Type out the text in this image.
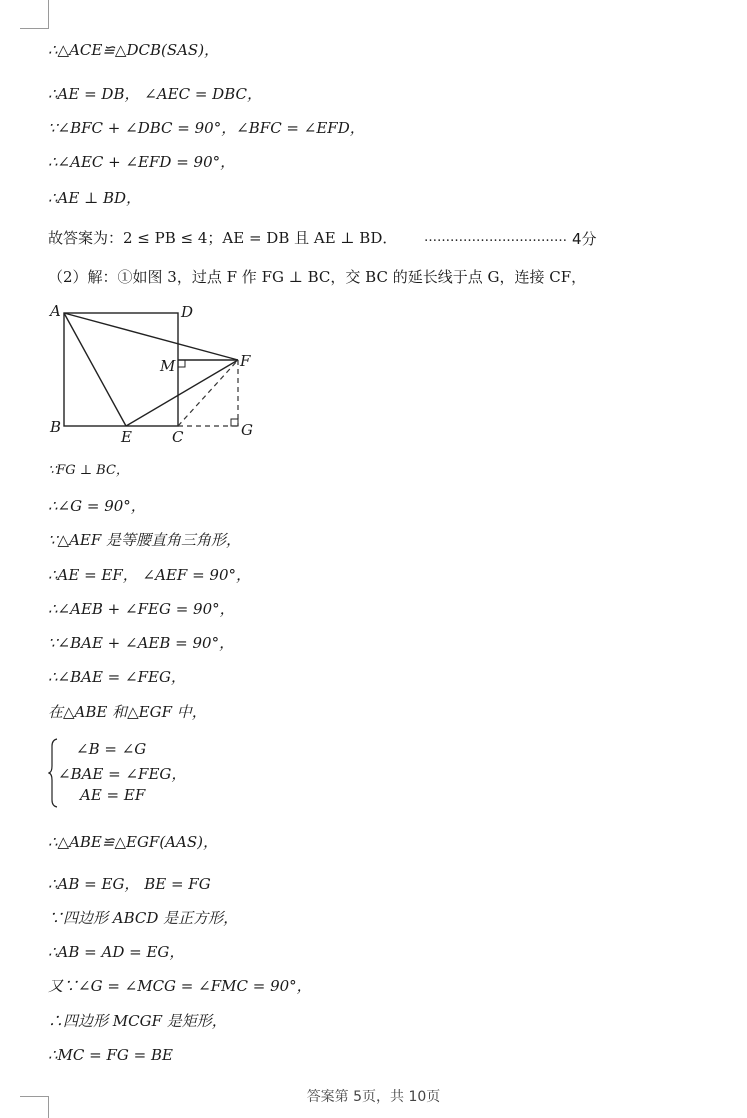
∴△ACE≌△DCB(SAS)，
∴AE = DB， ∠AEC = DBC，
∵∠BFC + ∠DBC = 90°，∠BFC = ∠EFD，
∴∠AEC + ∠EFD = 90°，
∴AE ⊥ BD，
故答案为：2 ≤ PB ≤ 4；AE = DB 且 AE ⊥ BD． …………………………… 4分
（2）解：①如图 3，过点 F 作 FG ⊥ BC，交 BC 的延长线于点 G，连接 CF，
A	D
M	F
B
E	C	G
∵FG ⊥ BC，
∴∠G = 90°，
∵△AEF 是等腰直角三角形，
∴AE = EF， ∠AEF = 90°，
∴∠AEB + ∠FEG = 90°，
∵∠BAE + ∠AEB = 90°，
∴∠BAE = ∠FEG，
在△ABE 和△EGF 中，
∠B = ∠G
∠BAE = ∠FEG，
AE = EF
∴△ABE≌△EGF(AAS)，
∴AB = EG， BE = FG
∵四边形 ABCD 是正方形，
∴AB = AD = EG，
又∵∠G = ∠MCG = ∠FMC = 90°，
∴四边形 MCGF 是矩形，
∴MC = FG = BE
答案第 5页，共 10页
